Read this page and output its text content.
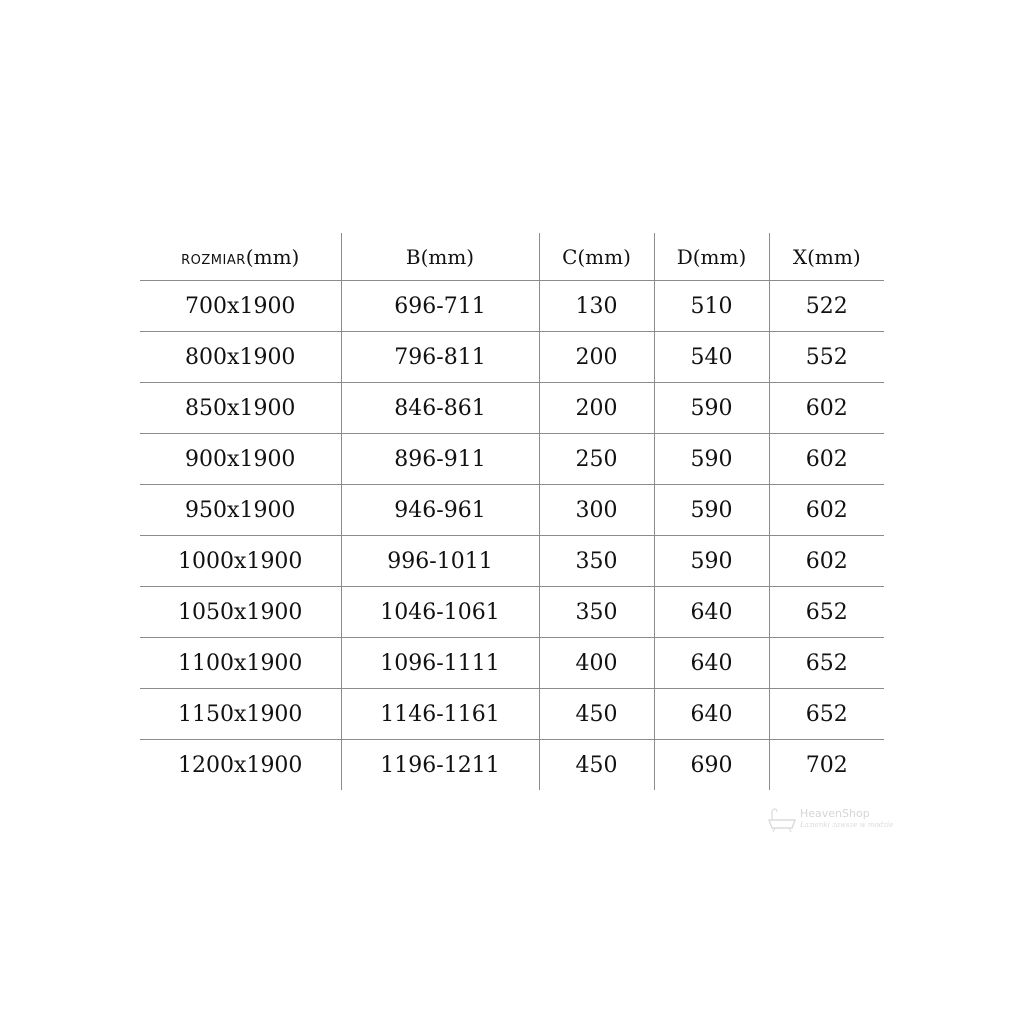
ROZMIAR(mm)	B(mm)	C(mm)	D(mm)	X(mm)
700x1900	696-711	130	510	522
800x1900	796-811	200	540	552
850x1900	846-861	200	590	602
900x1900	896-911	250	590	602
950x1900	946-961	300	590	602
1000x1900	996-1011	350	590	602
1050x1900	1046-1061	350	640	652
1100x1900	1096-1111	400	640	652
1150x1900	1146-1161	450	640	652
1200x1900	1196-1211	450	690	702
HeavenShop
Łazienki zawsze w modzie
